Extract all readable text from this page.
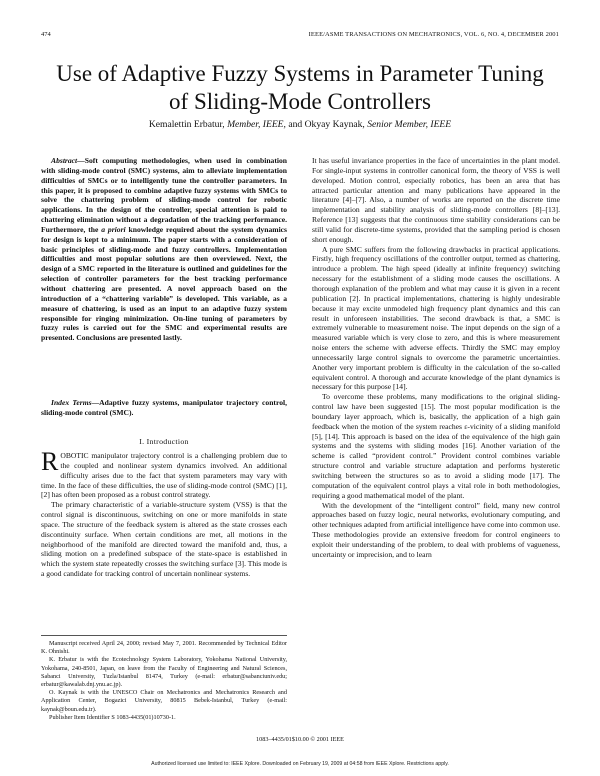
474	IEEE/ASME TRANSACTIONS ON MECHATRONICS, VOL. 6, NO. 4, DECEMBER 2001
Use of Adaptive Fuzzy Systems in Parameter Tuning
of Sliding-Mode Controllers
Kemalettin Erbatur, Member, IEEE, and Okyay Kaynak, Senior Member, IEEE

Abstract—Soft computing methodologies, when used in combination with sliding-mode control (SMC) systems, aim to alleviate implementation difficulties of SMCs or to intelligently tune the controller parameters. In this paper, it is proposed to combine adaptive fuzzy systems with SMCs to solve the chattering problem of sliding-mode control for robotic applications. In the design of the controller, special attention is paid to chattering elimination without a degradation of the tracking performance. Furthermore, the a priori knowledge required about the system dynamics for design is kept to a minimum. The paper starts with a consideration of basic principles of sliding-mode and fuzzy controllers. Implementation difficulties and most popular solutions are then overviewed. Next, the design of a SMC reported in the literature is outlined and guidelines for the selection of controller parameters for the best tracking performance without chattering are presented. A novel approach based on the introduction of a “chattering variable” is developed. This variable, as a measure of chattering, is used as an input to an adaptive fuzzy system responsible for ringing minimization. On-line tuning of parameters by fuzzy rules is carried out for the SMC and experimental results are presented. Conclusions are presented lastly.

Index Terms—Adaptive fuzzy systems, manipulator trajectory control, sliding-mode control (SMC).

I. Introduction

ROBOTIC manipulator trajectory control is a challenging problem due to the coupled and nonlinear system dynamics involved. An additional difficulty arises due to the fact that system parameters may vary with time. In the face of these difficulties, the use of sliding-mode control (SMC) [1], [2] has often been proposed as a robust control strategy.

The primary characteristic of a variable-structure system (VSS) is that the control signal is discontinuous, switching on one or more manifolds in state space. The structure of the feedback system is altered as the state crosses each discontinuity surface. When certain conditions are met, all motions in the neighborhood of the manifold are directed toward the manifold and, thus, a sliding motion on a predefined subspace of the state-space is established in which the system state repeatedly crosses the switching surface [3]. This mode is a good candidate for tracking control of uncertain nonlinear systems.

Manuscript received April 24, 2000; revised May 7, 2001. Recommended by Technical Editor K. Ohnishi.

K. Erbatur is with the Ecotechnology System Laboratory, Yokohama National University, Yokohama, 240-8501, Japan, on leave from the Faculty of Engineering and Natural Sciences, Sabanci University, Tuzla/Istanbul 81474, Turkey (e-mail: erbatur@sabanciuniv.edu; erbatur@kawalab.dnj.ynu.ac.jp).

O. Kaynak is with the UNESCO Chair on Mechatronics and Mechatronics Research and Application Center, Bogazici University, 80815 Bebek-Istanbul, Turkey (e-mail: kaynak@boun.edu.tr).

Publisher Item Identifier S 1083-4435(01)10730-1.

It has useful invariance properties in the face of uncertainties in the plant model. For single-input systems in controller canonical form, the theory of VSS is well developed. Motion control, especially robotics, has been an area that has attracted particular attention and many publications have appeared in the literature [4]–[7]. Also, a number of works are reported on the discrete time implementation and stability analysis of sliding-mode controllers [8]–[13]. Reference [13] suggests that the continuous time stability considerations can be still valid for discrete-time systems, provided that the sampling period is chosen short enough.

A pure SMC suffers from the following drawbacks in practical applications. Firstly, high frequency oscillations of the controller output, termed as chattering, introduce a problem. The high speed (ideally at infinite frequency) switching necessary for the establishment of a sliding mode causes the oscillations. A thorough explanation of the problem and what may cause it is given in a recent publication [2]. In practical implementations, chattering is highly undesirable because it may excite unmodeled high frequency plant dynamics and this can result in unforeseen instabilities. The second drawback is that, a SMC is extremely vulnerable to measurement noise. The input depends on the sign of a measured variable which is very close to zero, and this is where measurement noise enters the scheme with adverse effects. Thirdly the SMC may employ unnecessarily large control signals to overcome the parametric uncertainties. Another very important problem is difficulty in the calculation of the so-called equivalent control. A thorough and accurate knowledge of the plant dynamics is necessary for this purpose [14].

To overcome these problems, many modifications to the original sliding-control law have been suggested [15]. The most popular modification is the boundary layer approach, which is, basically, the application of a high gain feedback when the motion of the system reaches ε-vicinity of a sliding manifold [5], [14]. This approach is based on the idea of the equivalence of the high gain systems and the systems with sliding modes [16]. Another variation of the scheme is called “provident control.” Provident control combines variable structure control and variable structure adaptation and performs hysteretic switching between the structures so as to avoid a sliding mode [17]. The computation of the equivalent control plays a vital role in both methodologies, requiring a good mathematical model of the plant.

With the development of the “intelligent control” field, many new control approaches based on fuzzy logic, neural networks, evolutionary computing, and other techniques adapted from artificial intelligence have come into common use. These methodologies provide an extensive freedom for control engineers to exploit their understanding of the problem, to deal with problems of vagueness, uncertainty or imprecision, and to learn

1083–4435/01$10.00 © 2001 IEEE
Authorized licensed use limited to: IEEE Xplore. Downloaded on February 19, 2009 at 04:58 from IEEE Xplore. Restrictions apply.
